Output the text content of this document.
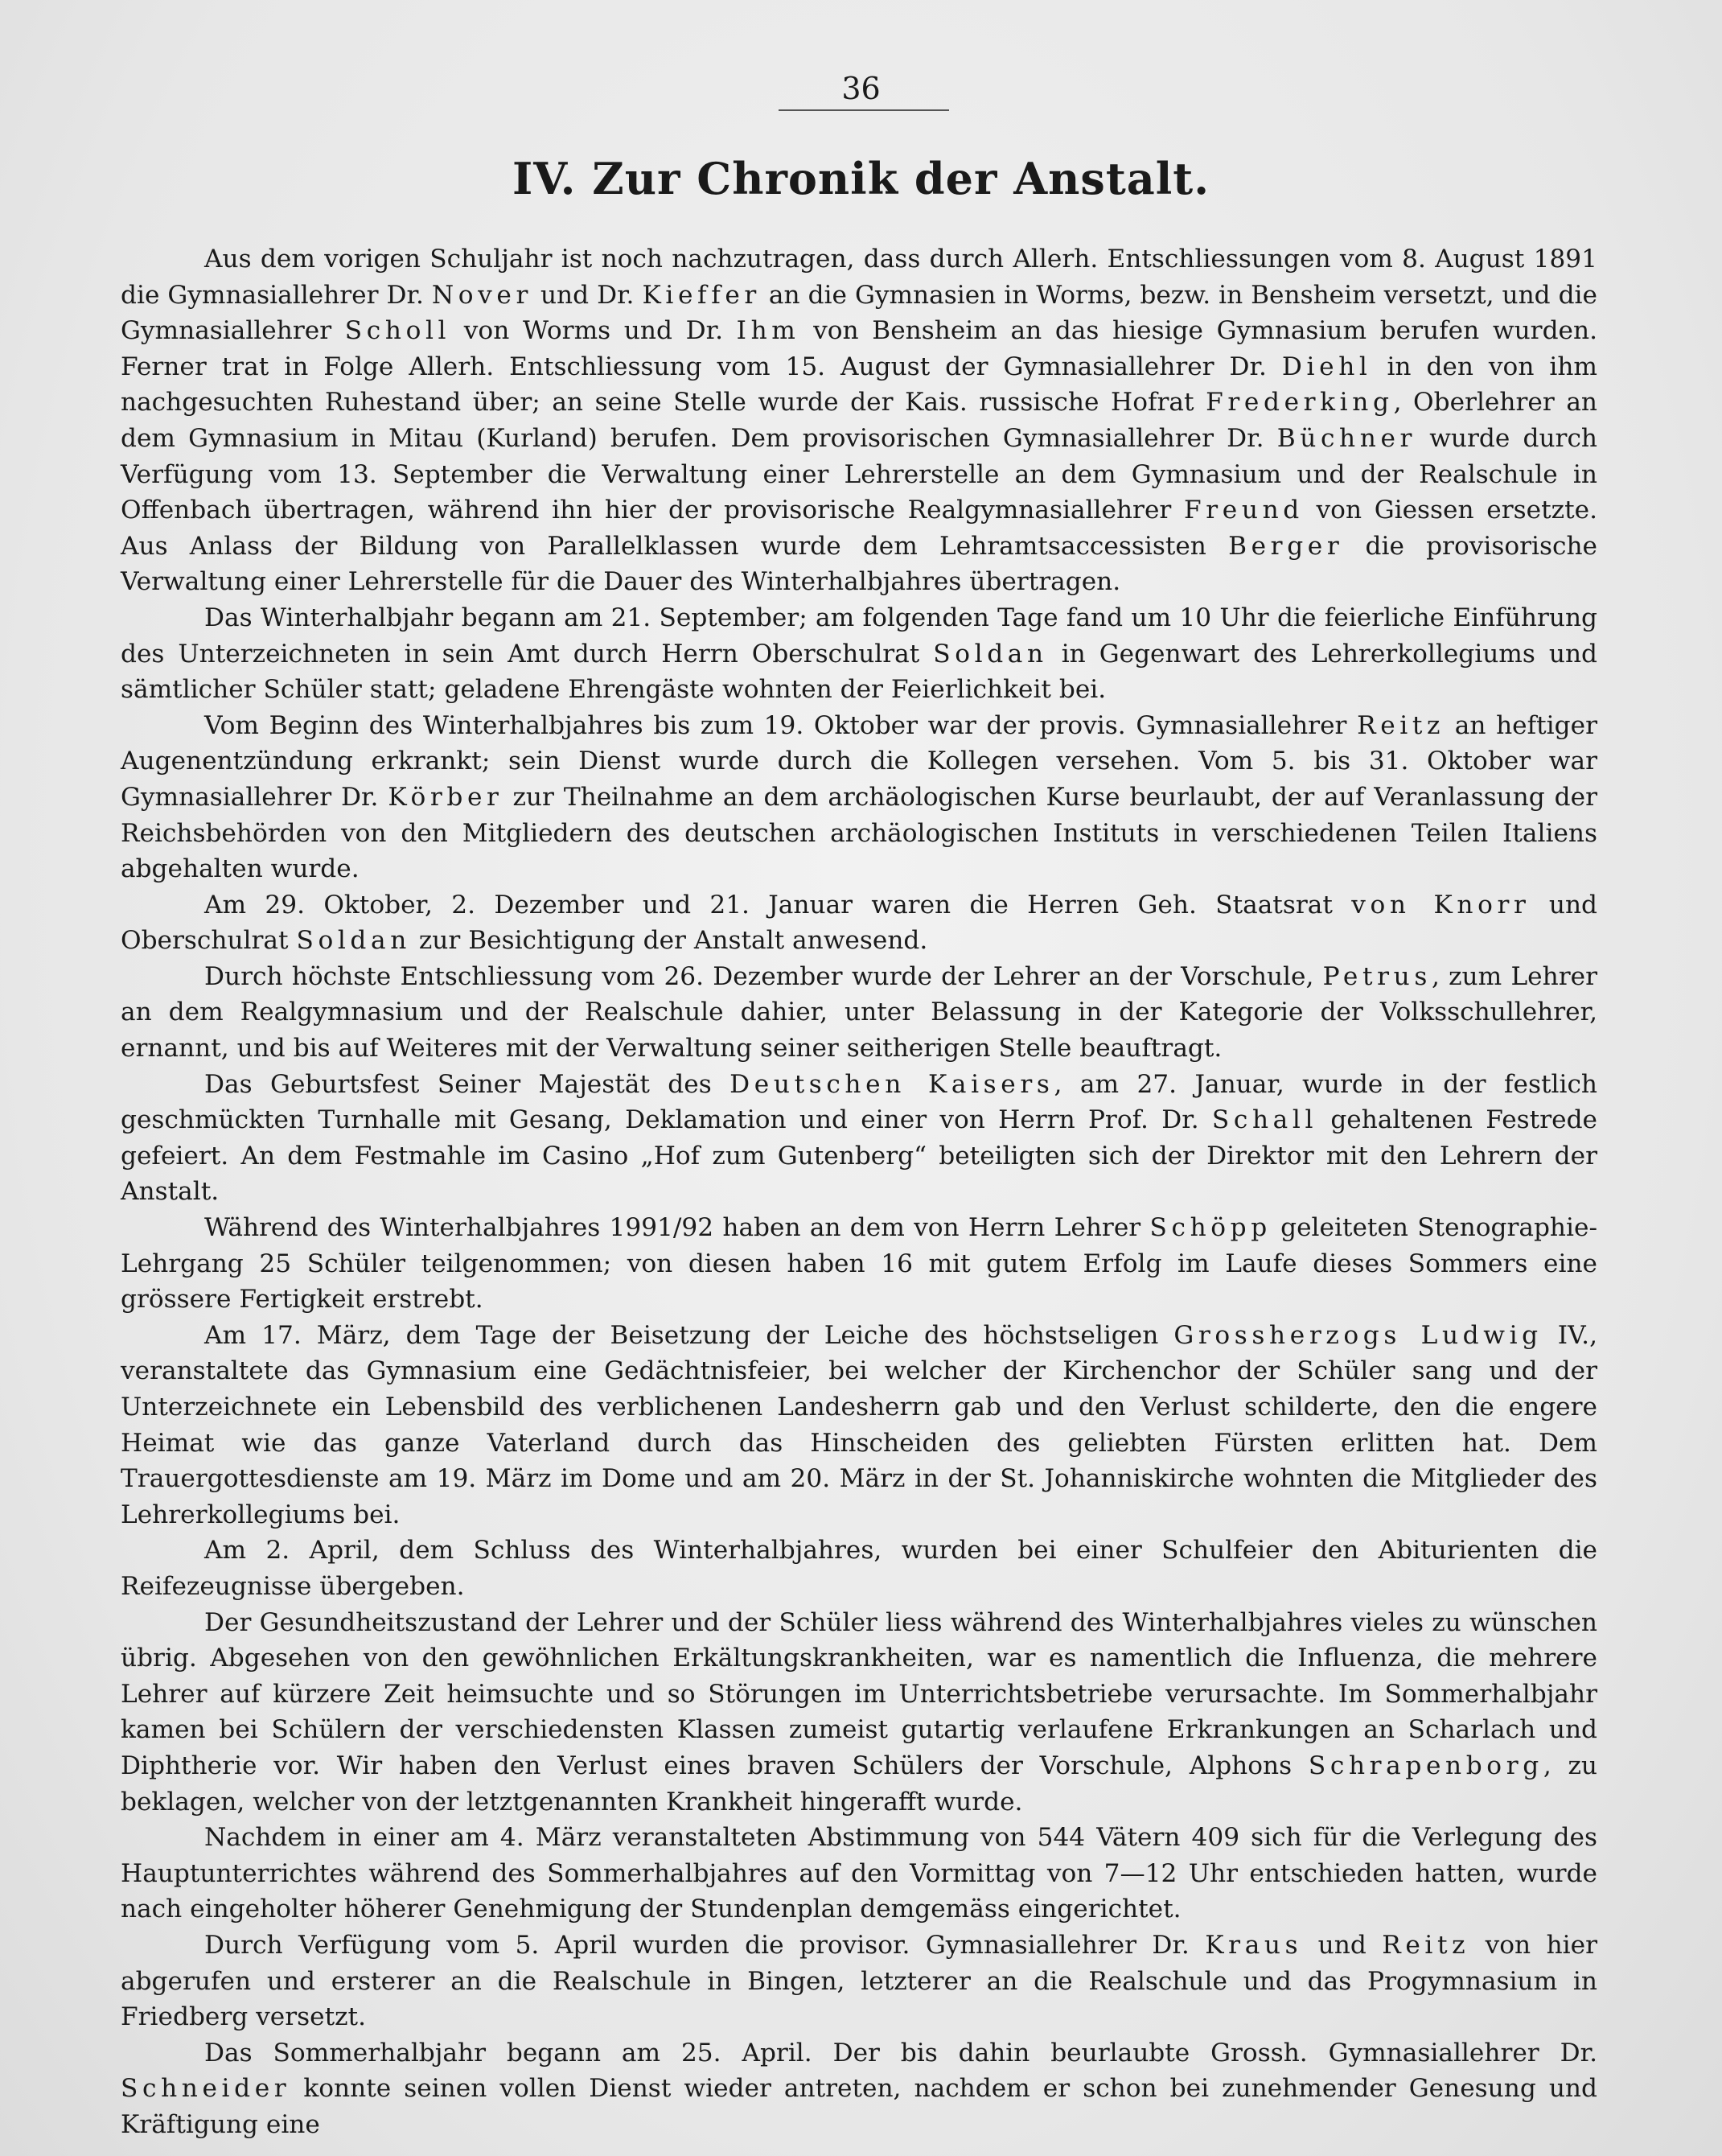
36
IV. Zur Chronik der Anstalt.

Aus dem vorigen Schuljahr ist noch nachzutragen, dass durch Allerh. Entschliessungen vom 8. August 1891 die Gymnasiallehrer Dr. Nover und Dr. Kieffer an die Gymnasien in Worms, bezw. in Bensheim versetzt, und die Gymnasiallehrer Scholl von Worms und Dr. Ihm von Bensheim an das hiesige Gymnasium berufen wurden. Ferner trat in Folge Allerh. Entschliessung vom 15. August der Gymnasiallehrer Dr. Diehl in den von ihm nachgesuchten Ruhestand über; an seine Stelle wurde der Kais. russische Hofrat Frederking, Oberlehrer an dem Gymnasium in Mitau (Kurland) berufen. Dem provisorischen Gymnasiallehrer Dr. Büchner wurde durch Verfügung vom 13. September die Verwaltung einer Lehrerstelle an dem Gymnasium und der Realschule in Offenbach übertragen, während ihn hier der provisorische Realgymnasiallehrer Freund von Giessen ersetzte. Aus Anlass der Bildung von Parallelklassen wurde dem Lehramtsaccessisten Berger die provisorische Verwaltung einer Lehrerstelle für die Dauer des Winterhalbjahres übertragen.

Das Winterhalbjahr begann am 21. September; am folgenden Tage fand um 10 Uhr die feierliche Einführung des Unterzeichneten in sein Amt durch Herrn Oberschulrat Soldan in Gegenwart des Lehrerkollegiums und sämtlicher Schüler statt; geladene Ehrengäste wohnten der Feierlichkeit bei.

Vom Beginn des Winterhalbjahres bis zum 19. Oktober war der provis. Gymnasiallehrer Reitz an heftiger Augenentzündung erkrankt; sein Dienst wurde durch die Kollegen versehen. Vom 5. bis 31. Oktober war Gymnasiallehrer Dr. Körber zur Theilnahme an dem archäologischen Kurse beurlaubt, der auf Veranlassung der Reichsbehörden von den Mitgliedern des deutschen archäologischen Instituts in verschiedenen Teilen Italiens abgehalten wurde.

Am 29. Oktober, 2. Dezember und 21. Januar waren die Herren Geh. Staatsrat von Knorr und Oberschulrat Soldan zur Besichtigung der Anstalt anwesend.

Durch höchste Entschliessung vom 26. Dezember wurde der Lehrer an der Vorschule, Petrus, zum Lehrer an dem Realgymnasium und der Realschule dahier, unter Belassung in der Kategorie der Volksschullehrer, ernannt, und bis auf Weiteres mit der Verwaltung seiner seitherigen Stelle beauftragt.

Das Geburtsfest Seiner Majestät des Deutschen Kaisers, am 27. Januar, wurde in der festlich geschmückten Turnhalle mit Gesang, Deklamation und einer von Herrn Prof. Dr. Schall gehaltenen Festrede gefeiert. An dem Festmahle im Casino „Hof zum Gutenberg“ beteiligten sich der Direktor mit den Lehrern der Anstalt.

Während des Winterhalbjahres 1991/92 haben an dem von Herrn Lehrer Schöpp geleiteten Stenographie-Lehrgang 25 Schüler teilgenommen; von diesen haben 16 mit gutem Erfolg im Laufe dieses Sommers eine grössere Fertigkeit erstrebt.

Am 17. März, dem Tage der Beisetzung der Leiche des höchstseligen Grossherzogs Ludwig IV., veranstaltete das Gymnasium eine Gedächtnisfeier, bei welcher der Kirchenchor der Schüler sang und der Unterzeichnete ein Lebensbild des verblichenen Landesherrn gab und den Verlust schilderte, den die engere Heimat wie das ganze Vaterland durch das Hinscheiden des geliebten Fürsten erlitten hat. Dem Trauergottesdienste am 19. März im Dome und am 20. März in der St. Johanniskirche wohnten die Mitglieder des Lehrerkollegiums bei.

Am 2. April, dem Schluss des Winterhalbjahres, wurden bei einer Schulfeier den Abiturienten die Reifezeugnisse übergeben.

Der Gesundheitszustand der Lehrer und der Schüler liess während des Winterhalbjahres vieles zu wünschen übrig. Abgesehen von den gewöhnlichen Erkältungskrankheiten, war es namentlich die Influenza, die mehrere Lehrer auf kürzere Zeit heimsuchte und so Störungen im Unterrichtsbetriebe verursachte. Im Sommerhalbjahr kamen bei Schülern der verschiedensten Klassen zumeist gutartig verlaufene Erkrankungen an Scharlach und Diphtherie vor. Wir haben den Verlust eines braven Schülers der Vorschule, Alphons Schrapenborg, zu beklagen, welcher von der letztgenannten Krankheit hingerafft wurde.

Nachdem in einer am 4. März veranstalteten Abstimmung von 544 Vätern 409 sich für die Verlegung des Hauptunterrichtes während des Sommerhalbjahres auf den Vormittag von 7—12 Uhr entschieden hatten, wurde nach eingeholter höherer Genehmigung der Stundenplan demgemäss eingerichtet.

Durch Verfügung vom 5. April wurden die provisor. Gymnasiallehrer Dr. Kraus und Reitz von hier abgerufen und ersterer an die Realschule in Bingen, letzterer an die Realschule und das Progymnasium in Friedberg versetzt.

Das Sommerhalbjahr begann am 25. April. Der bis dahin beurlaubte Grossh. Gymnasiallehrer Dr. Schneider konnte seinen vollen Dienst wieder antreten, nachdem er schon bei zunehmender Genesung und Kräftigung eine
